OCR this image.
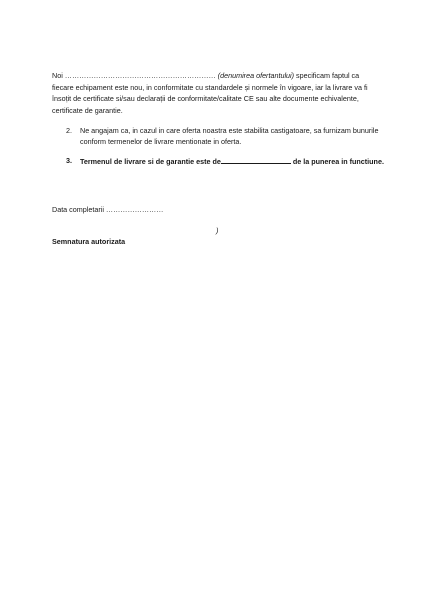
Noi ……………………………………………………… (denumirea ofertantului) specificam faptul ca fiecare echipament este nou, in conformitate cu standardele și normele în vigoare, iar la livrare va fi însoțit de certificate si/sau declarații de conformitate/calitate CE sau alte documente echivalente, certificate de garantie.
2. Ne angajam ca, in cazul in care oferta noastra este stabilita castigatoare, sa furnizam bunurile conform termenelor de livrare mentionate in oferta.
3. Termenul de livrare si de garantie este de	de la punerea in functiune.
Data completarii ……………………
)
Semnatura autorizata
